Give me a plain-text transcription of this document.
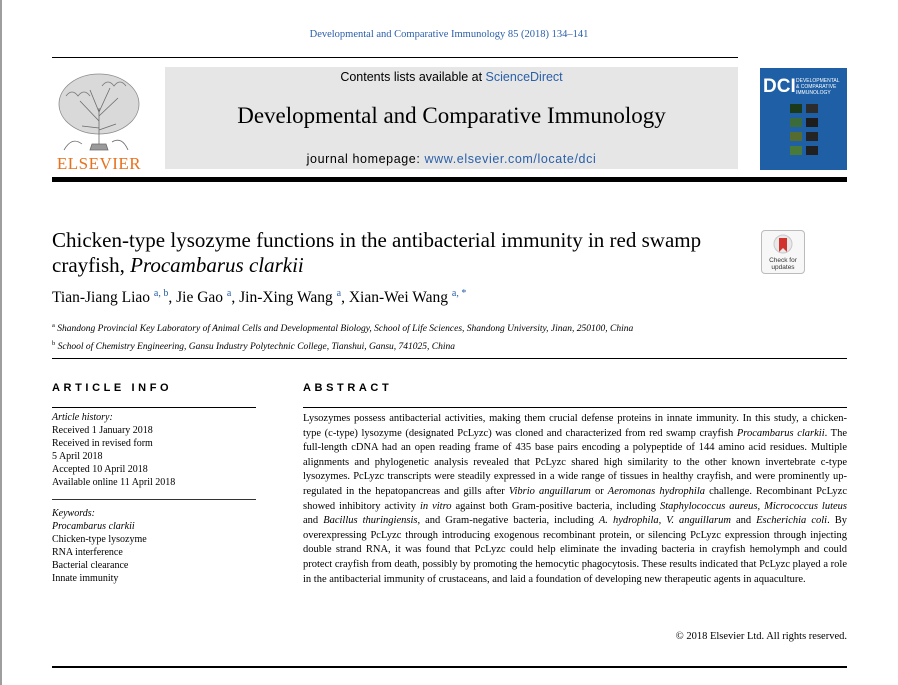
Developmental and Comparative Immunology 85 (2018) 134–141
ELSEVIER
Contents lists available at ScienceDirect
Developmental and Comparative Immunology
journal homepage: www.elsevier.com/locate/dci
DCI DEVELOPMENTAL & COMPARATIVE IMMUNOLOGY
Chicken-type lysozyme functions in the antibacterial immunity in red swamp crayfish, Procambarus clarkii	Check for updates
Tian-Jiang Liao $^{a, b}$, Jie Gao $^a$, Jin-Xing Wang $^a$, Xian-Wei Wang $^{a, *}$
$^a$ Shandong Provincial Key Laboratory of Animal Cells and Developmental Biology, School of Life Sciences, Shandong University, Jinan, 250100, China
$^b$ School of Chemistry Engineering, Gansu Industry Polytechnic College, Tianshui, Gansu, 741025, China
ARTICLE INFO
Article history:
Received 1 January 2018
Received in revised form
5 April 2018
Accepted 10 April 2018
Available online 11 April 2018
Keywords:
Procambarus clarkii
Chicken-type lysozyme
RNA interference
Bacterial clearance
Innate immunity
ABSTRACT

Lysozymes possess antibacterial activities, making them crucial defense proteins in innate immunity. In this study, a chicken-type (c-type) lysozyme (designated PcLyzc) was cloned and characterized from red swamp crayfish Procambarus clarkii. The full-length cDNA had an open reading frame of 435 base pairs encoding a polypeptide of 144 amino acid residues. Multiple alignments and phylogenetic analysis revealed that PcLyzc shared high similarity to the other known invertebrate c-type lysozymes. PcLyzc transcripts were steadily expressed in a wide range of tissues in healthy crayfish, and were prominently up-regulated in the hepatopancreas and gills after Vibrio anguillarum or Aeromonas hydrophila challenge. Recombinant PcLyzc showed inhibitory activity in vitro against both Gram-positive bacteria, including Staphylococcus aureus, Micrococcus luteus and Bacillus thuringiensis, and Gram-negative bacteria, including A. hydrophila, V. anguillarum and Escherichia coli. By overexpressing PcLyzc through introducing exogenous recombinant protein, or silencing PcLyzc expression through injecting double strand RNA, it was found that PcLyzc could help eliminate the invading bacteria in crayfish hemolymph and could protect crayfish from death, possibly by promoting the hemocytic phagocytosis. These results indicated that PcLyzc played a role in the antibacterial immunity of crustaceans, and laid a foundation of developing new therapeutic agents in aquaculture.

© 2018 Elsevier Ltd. All rights reserved.
